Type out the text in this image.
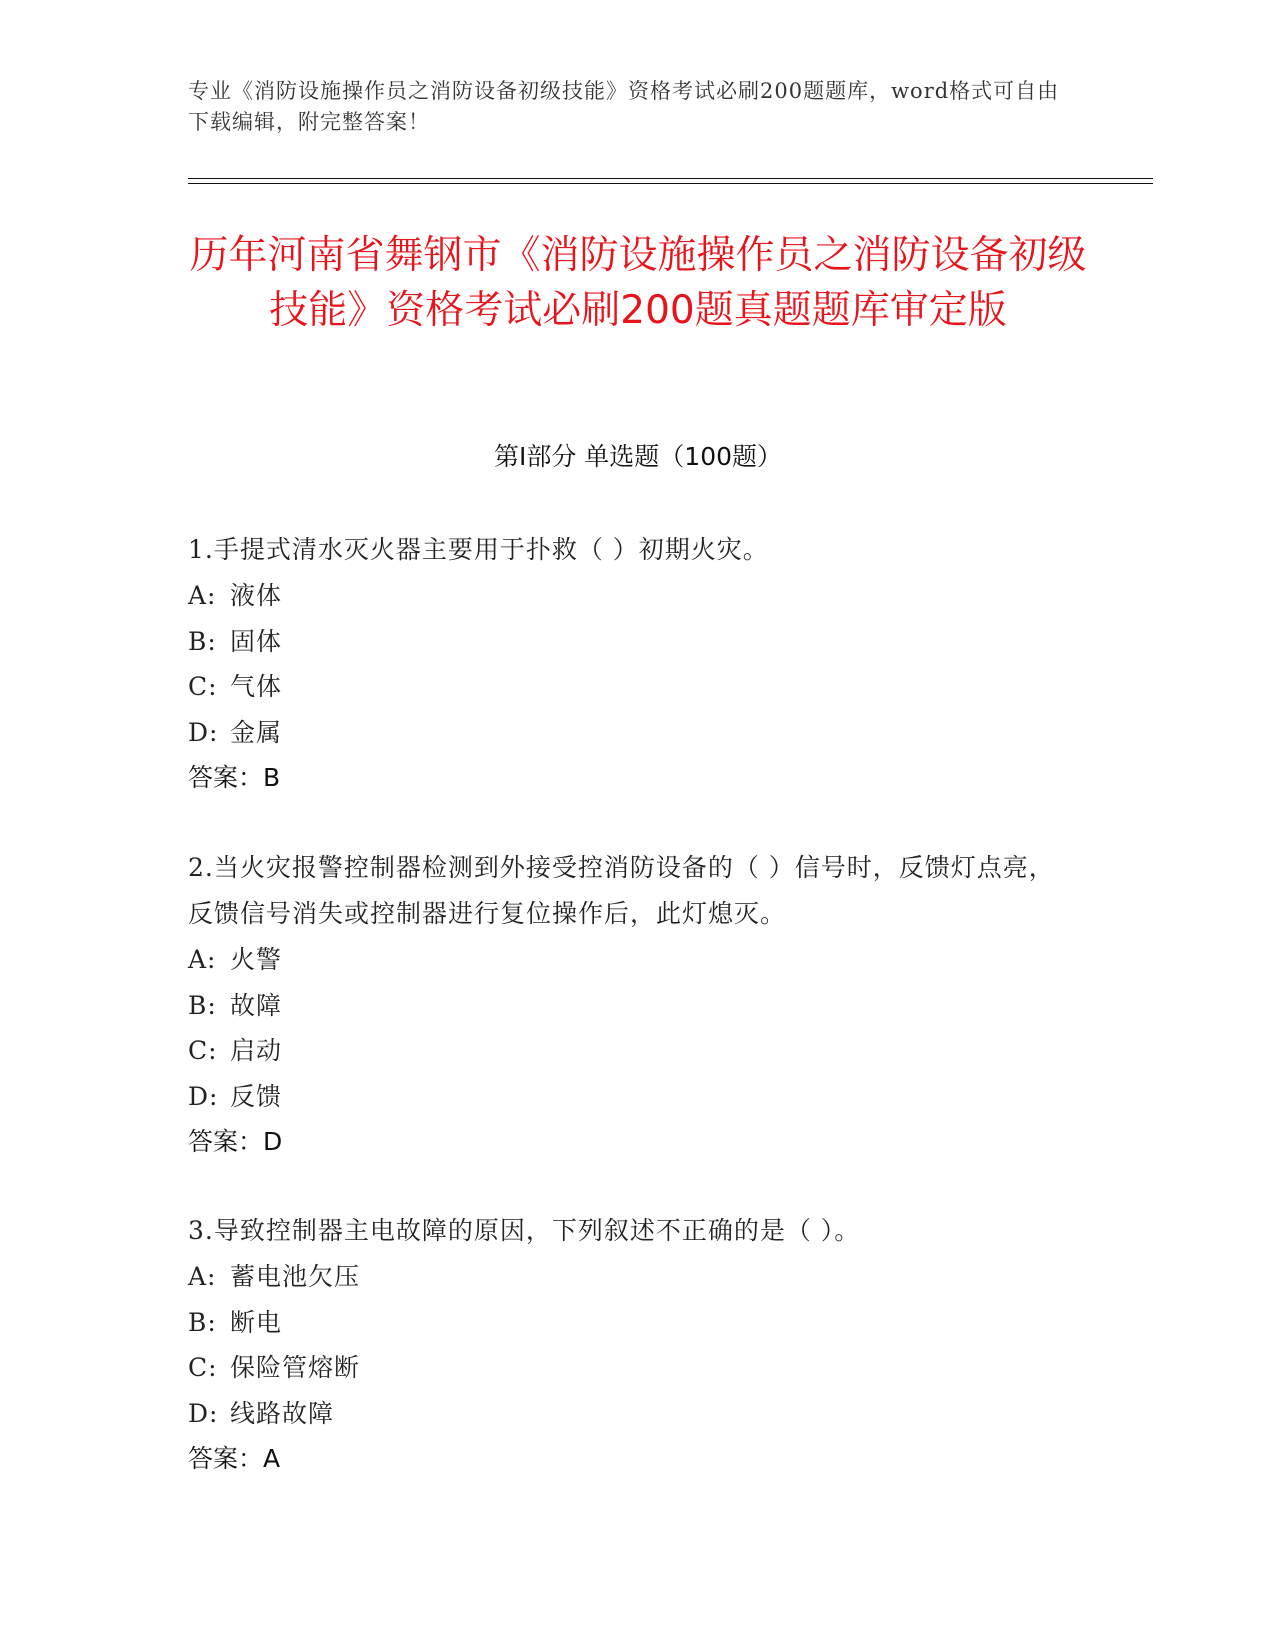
专业《消防设施操作员之消防设备初级技能》资格考试必刷200题题库，word格式可自由下载编辑，附完整答案！
历年河南省舞钢市《消防设施操作员之消防设备初级技能》资格考试必刷200题真题题库审定版
第Ⅰ部分 单选题（100题）
1.手提式清水灭火器主要用于扑救（ ）初期火灾。
A: 液体
B: 固体
C: 气体
D: 金属
答案：B
2.当火灾报警控制器检测到外接受控消防设备的（ ）信号时，反馈灯点亮，反馈信号消失或控制器进行复位操作后，此灯熄灭。
A: 火警
B: 故障
C: 启动
D: 反馈
答案：D
3.导致控制器主电故障的原因，下列叙述不正确的是（ ）。
A: 蓄电池欠压
B: 断电
C: 保险管熔断
D: 线路故障
答案：A
